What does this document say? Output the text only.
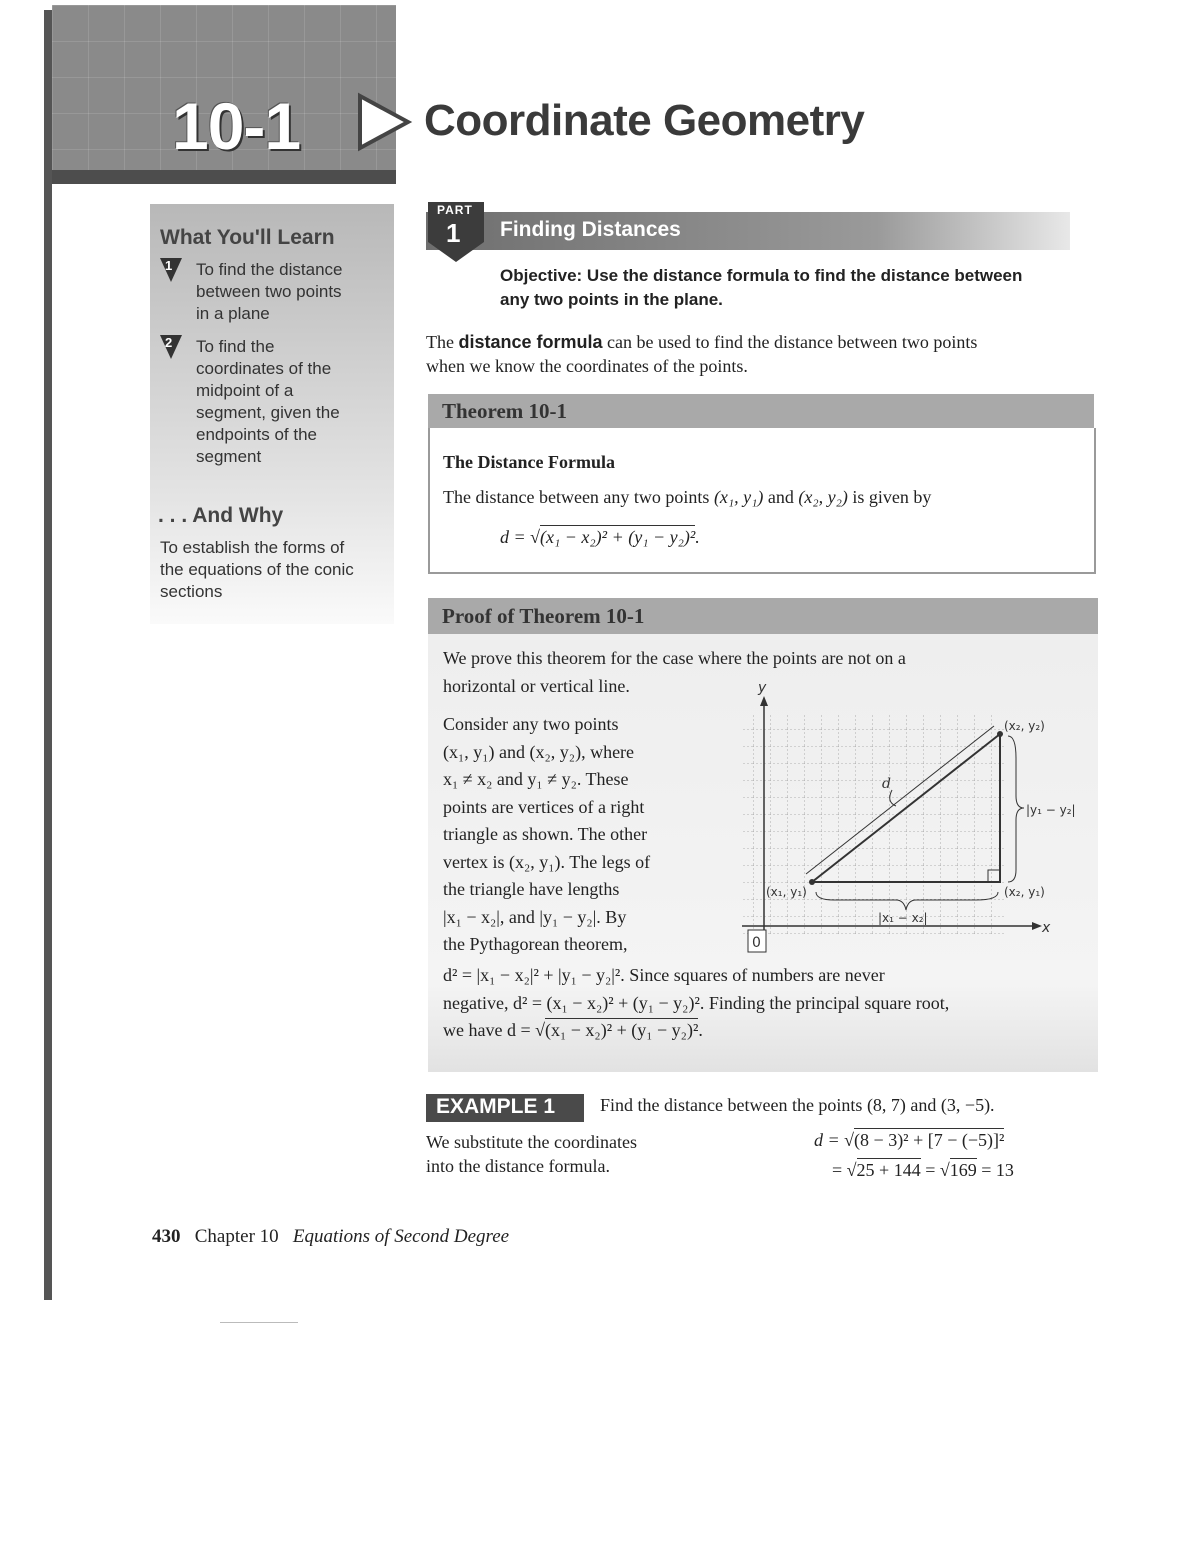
10-1	Coordinate Geometry
What You'll Learn
1 To find the distance
between two points
in a plane
2 To find the
coordinates of the
midpoint of a
segment, given the
endpoints of the
segment
. . . And Why
To establish the forms of
the equations of the conic
sections
PART
1 Finding Distances
Objective: Use the distance formula to find the distance between
any two points in the plane.
The distance formula can be used to find the distance between two points
when we know the coordinates of the points.
Theorem 10-1
The Distance Formula
The distance between any two points (x₁, y₁) and (x₂, y₂) is given by
d = √(x₁ − x₂)² + (y₁ − y₂)².
Proof of Theorem 10-1
We prove this theorem for the case where the points are not on a
horizontal or vertical line.
Consider any two points
(x₁, y₁) and (x₂, y₂), where
x₁ ≠ x₂ and y₁ ≠ y₂. These
points are vertices of a right
triangle as shown. The other
vertex is (x₂, y₁). The legs of
the triangle have lengths
|x₁ − x₂|, and |y₁ − y₂|. By
the Pythagorean theorem,
d² = |x₁ − x₂|² + |y₁ − y₂|². Since squares of numbers are never
negative, d² = (x₁ − x₂)² + (y₁ − y₂)². Finding the principal square root,
we have d = √(x₁ − x₂)² + (y₁ − y₂)².
y
x
0
(x₂, y₂)
(x₁, y₁)	(x₂, y₁)
d
|y₁ − y₂|
|x₁ − x₂|
EXAMPLE 1 Find the distance between the points (8, 7) and (3, −5).
We substitute the coordinates
into the distance formula.
d = √(8 − 3)² + [7 − (−5)]²
= √25 + 144 = √169 = 13
430 Chapter 10 Equations of Second Degree
